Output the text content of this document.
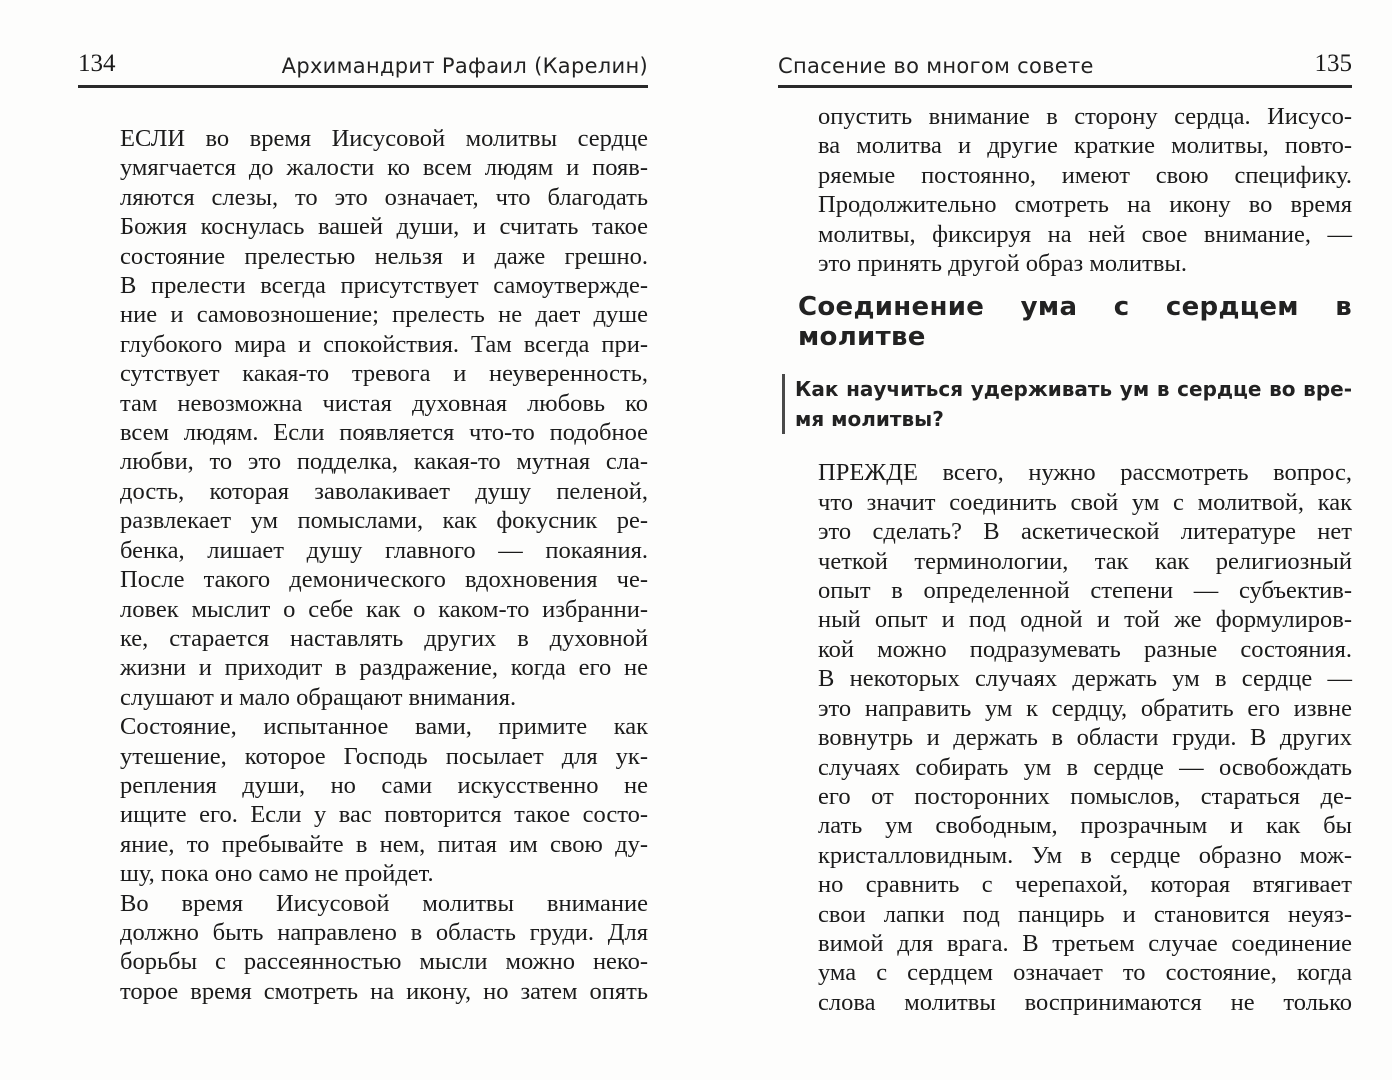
134	Архимандрит Рафаил (Карелин)
ЕСЛИ во время Иисусовой молитвы сердце
умягчается до жалости ко всем людям и появ-
ляются слезы, то это означает, что благодать
Божия коснулась вашей души, и считать такое
состояние прелестью нельзя и даже грешно.
В прелести всегда присутствует самоутвержде-
ние и самовозношение; прелесть не дает душе
глубокого мира и спокойствия. Там всегда при-
сутствует какая-то тревога и неуверенность,
там невозможна чистая духовная любовь ко
всем людям. Если появляется что-то подобное
любви, то это подделка, какая-то мутная сла-
дость, которая заволакивает душу пеленой,
развлекает ум помыслами, как фокусник ре-
бенка, лишает душу главного — покаяния.
После такого демонического вдохновения че-
ловек мыслит о себе как о каком-то избранни-
ке, старается наставлять других в духовной
жизни и приходит в раздражение, когда его не
слушают и мало обращают внимания.
Состояние, испытанное вами, примите как
утешение, которое Господь посылает для ук-
репления души, но сами искусственно не
ищите его. Если у вас повторится такое состо-
яние, то пребывайте в нем, питая им свою ду-
шу, пока оно само не пройдет.
Во время Иисусовой молитвы внимание
должно быть направлено в область груди. Для
борьбы с рассеянностью мысли можно неко-
торое время смотреть на икону, но затем опять
Спасение во многом совете	135
опустить внимание в сторону сердца. Иисусо-
ва молитва и другие краткие молитвы, повто-
ряемые постоянно, имеют свою специфику.
Продолжительно смотреть на икону во время
молитвы, фиксируя на ней свое внимание, —
это принять другой образ молитвы.
Соединение ума с сердцем в молитве
Как научиться удерживать ум в сердце во вре-
мя молитвы?
ПРЕЖДЕ всего, нужно рассмотреть вопрос,
что значит соединить свой ум с молитвой, как
это сделать? В аскетической литературе нет
четкой терминологии, так как религиозный
опыт в определенной степени — субъектив-
ный опыт и под одной и той же формулиров-
кой можно подразумевать разные состояния.
В некоторых случаях держать ум в сердце —
это направить ум к сердцу, обратить его извне
вовнутрь и держать в области груди. В других
случаях собирать ум в сердце — освобождать
его от посторонних помыслов, стараться де-
лать ум свободным, прозрачным и как бы
кристалловидным. Ум в сердце образно мож-
но сравнить с черепахой, которая втягивает
свои лапки под панцирь и становится неуяз-
вимой для врага. В третьем случае соединение
ума с сердцем означает то состояние, когда
слова молитвы воспринимаются не только
